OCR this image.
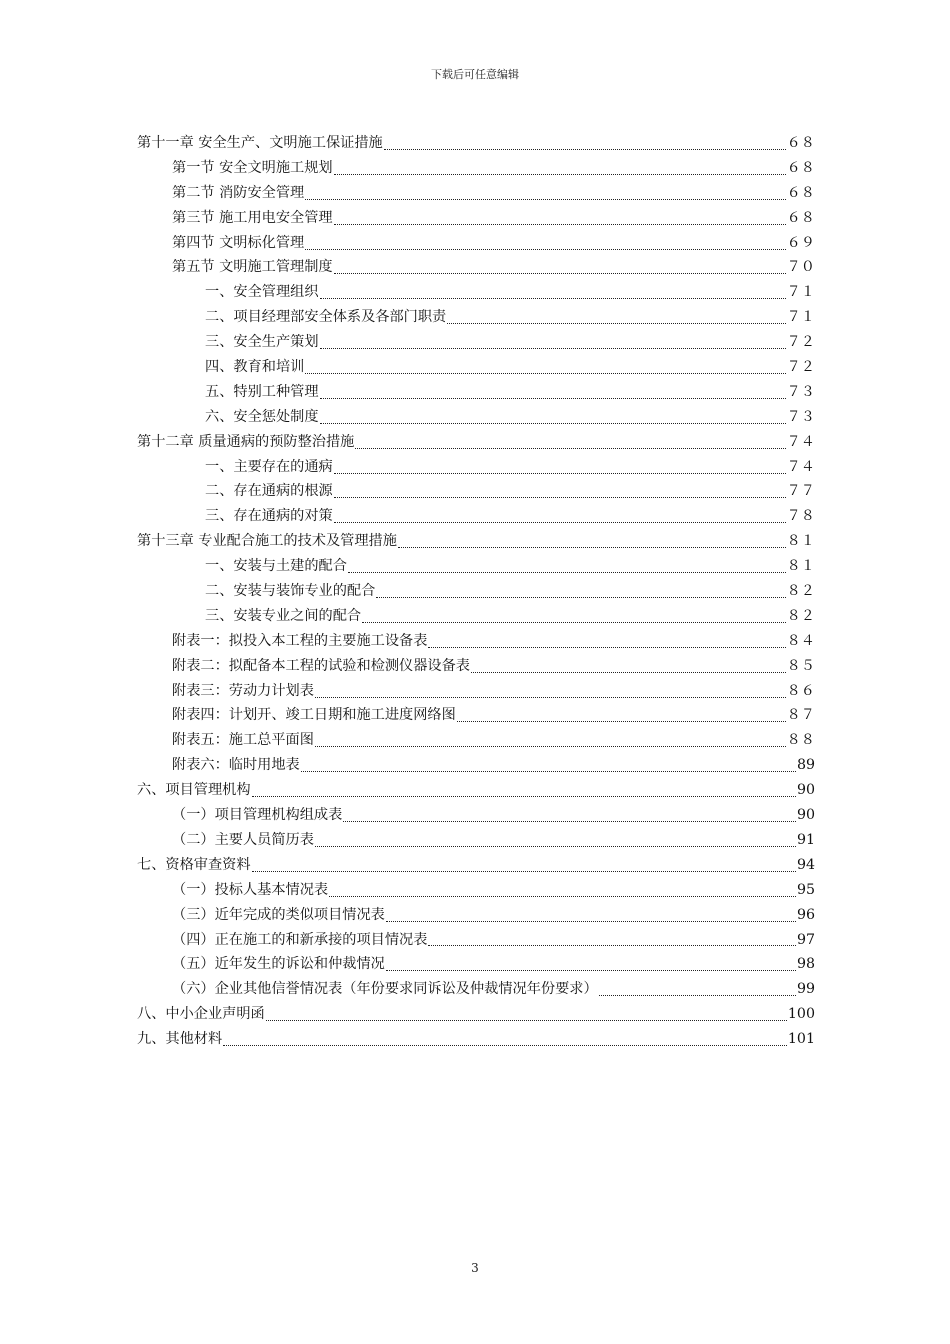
下载后可任意编辑
第十一章 安全生产、文明施工保证措施	６８
第一节 安全文明施工规划	６８
第二节 消防安全管理	６８
第三节 施工用电安全管理	６８
第四节 文明标化管理	６９
第五节 文明施工管理制度	７０
一、安全管理组织	７１
二、项目经理部安全体系及各部门职责	７１
三、安全生产策划	７２
四、教育和培训	７２
五、特别工种管理	７３
六、安全惩处制度	７３
第十二章 质量通病的预防整治措施	７４
一、主要存在的通病	７４
二、存在通病的根源	７７
三、存在通病的对策	７８
第十三章 专业配合施工的技术及管理措施	８１
一、安装与土建的配合	８１
二、安装与装饰专业的配合	８２
三、安装专业之间的配合	８２
附表一：拟投入本工程的主要施工设备表	８４
附表二：拟配备本工程的试验和检测仪器设备表	８５
附表三：劳动力计划表	８６
附表四：计划开、竣工日期和施工进度网络图	８７
附表五：施工总平面图	８８
附表六：临时用地表	89
六、项目管理机构	90
（一）项目管理机构组成表	90
（二）主要人员简历表	91
七、资格审查资料	94
（一）投标人基本情况表	95
（三）近年完成的类似项目情况表	96
（四）正在施工的和新承接的项目情况表	97
（五）近年发生的诉讼和仲裁情况	98
（六）企业其他信誉情况表（年份要求同诉讼及仲裁情况年份要求）	99
八、中小企业声明函	100
九、其他材料	101
3
